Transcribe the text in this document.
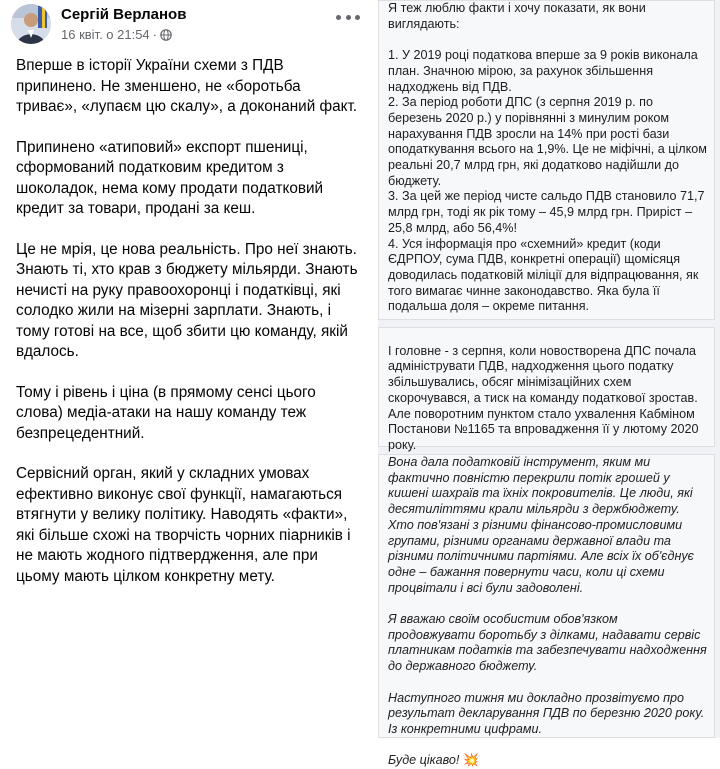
Сергій Верланов
16 квіт. о 21:54 ·

Вперше в історії України схеми з ПДВ припинено. Не зменшено, не «боротьба триває», «лупаєм цю скалу», а доконаний факт.

Припинено «атиповий» експорт пшениці, сформований податковим кредитом з шоколадок, нема кому продати податковий кредит за товари, продані за кеш.

Це не мрія, це нова реальність. Про неї знають. Знають ті, хто крав з бюджету мільярди. Знають нечисті на руку правоохоронці і податківці, які солодко жили на мізерні зарплати. Знають, і тому готові на все, щоб збити цю команду, якій вдалось.

Тому і рівень і ціна (в прямому сенсі цього слова) медіа-атаки на нашу команду теж безпрецедентний.

Сервісний орган, який у складних умовах ефективно виконує свої функції, намагаються втягнути у велику політику. Наводять «факти», які більше схожі на творчість чорних піарників і не мають жодного підтвердження, але при цьому мають цілком конкретну мету.

Я теж люблю факти і хочу показати, як вони виглядають:

1. У 2019 році податкова вперше за 9 років виконала план. Значною мірою, за рахунок збільшення надходжень від ПДВ.

2. За період роботи ДПС (з серпня 2019 р. по березень 2020 р.) у порівнянні з минулим роком нарахування ПДВ зросли на 14% при рості бази оподаткування всього на 1,9%. Це не міфічні, а цілком реальні 20,7 млрд грн, які додатково надійшли до бюджету.

3. За цей же період чисте сальдо ПДВ становило 71,7 млрд грн, тоді як рік тому – 45,9 млрд грн. Приріст – 25,8 млрд, або 56,4%!

4. Уся інформація про «схемний» кредит (коди ЄДРПОУ, сума ПДВ, конкретні операції) щомісяця доводилась податковій міліції для відпрацювання, як того вимагає чинне законодавство. Яка була її подальша доля – окреме питання.

І головне - з серпня, коли новостворена ДПС почала адмініструвати ПДВ, надходження цього податку збільшувались, обсяг мінімізаційних схем скорочувався, а тиск на команду податкової зростав. Але поворотним пунктом стало ухвалення Кабміном Постанови №1165 та впровадження її у лютому 2020 року.

Вона дала податковій інструмент, яким ми фактично повністю перекрили потік грошей у кишені шахраїв та їхніх покровителів. Це люди, які десятиліттями крали мільярди з держбюджету. Хто пов'язані з різними фінансово-промисловими групами, різними органами державної влади та різними політичними партіями. Але всіх їх об'єднує одне – бажання повернути часи, коли ці схеми процвітали і всі були задоволені.

Я вважаю своїм особистим обов'язком продовжувати боротьбу з ділками, надавати сервіс платникам податків та забезпечувати надходження до державного бюджету.

Наступного тижня ми докладно прозвітуємо про результат декларування ПДВ по березню 2020 року. Із конкретними цифрами.

Буде цікаво! 💥
